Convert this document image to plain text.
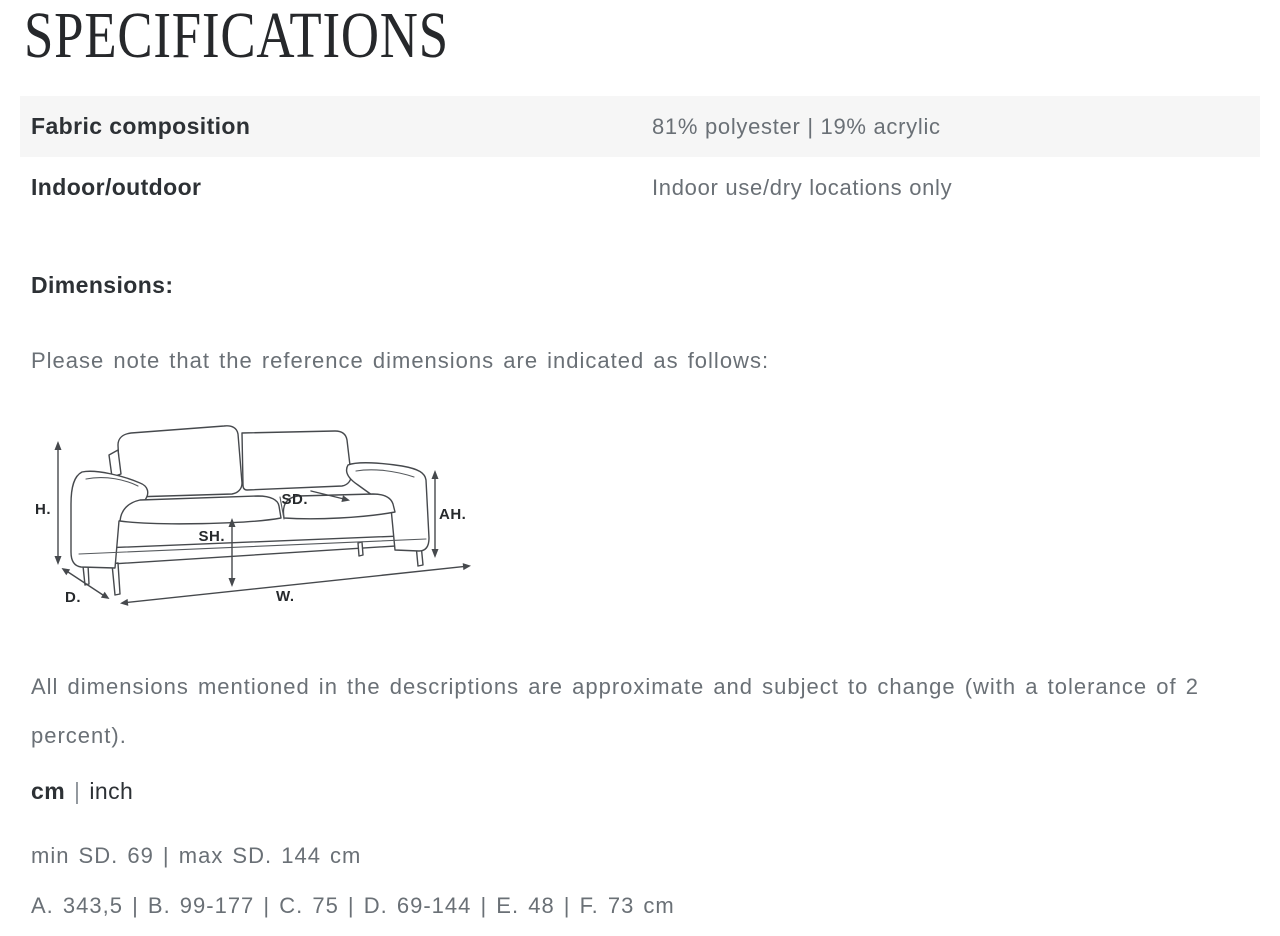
SPECIFICATIONS
Fabric composition	81% polyester | 19% acrylic
Indoor/outdoor	Indoor use/dry locations only
Dimensions:

Please note that the reference dimensions are indicated as follows:

H.
D.
SD.
SH.
AH.
W.

All dimensions mentioned in the descriptions are approximate and subject to change (with a tolerance of 2 percent).

cm | inch

min SD. 69 | max SD. 144 cm

A. 343,5 | B. 99-177 | C. 75 | D. 69-144 | E. 48 | F. 73 cm
